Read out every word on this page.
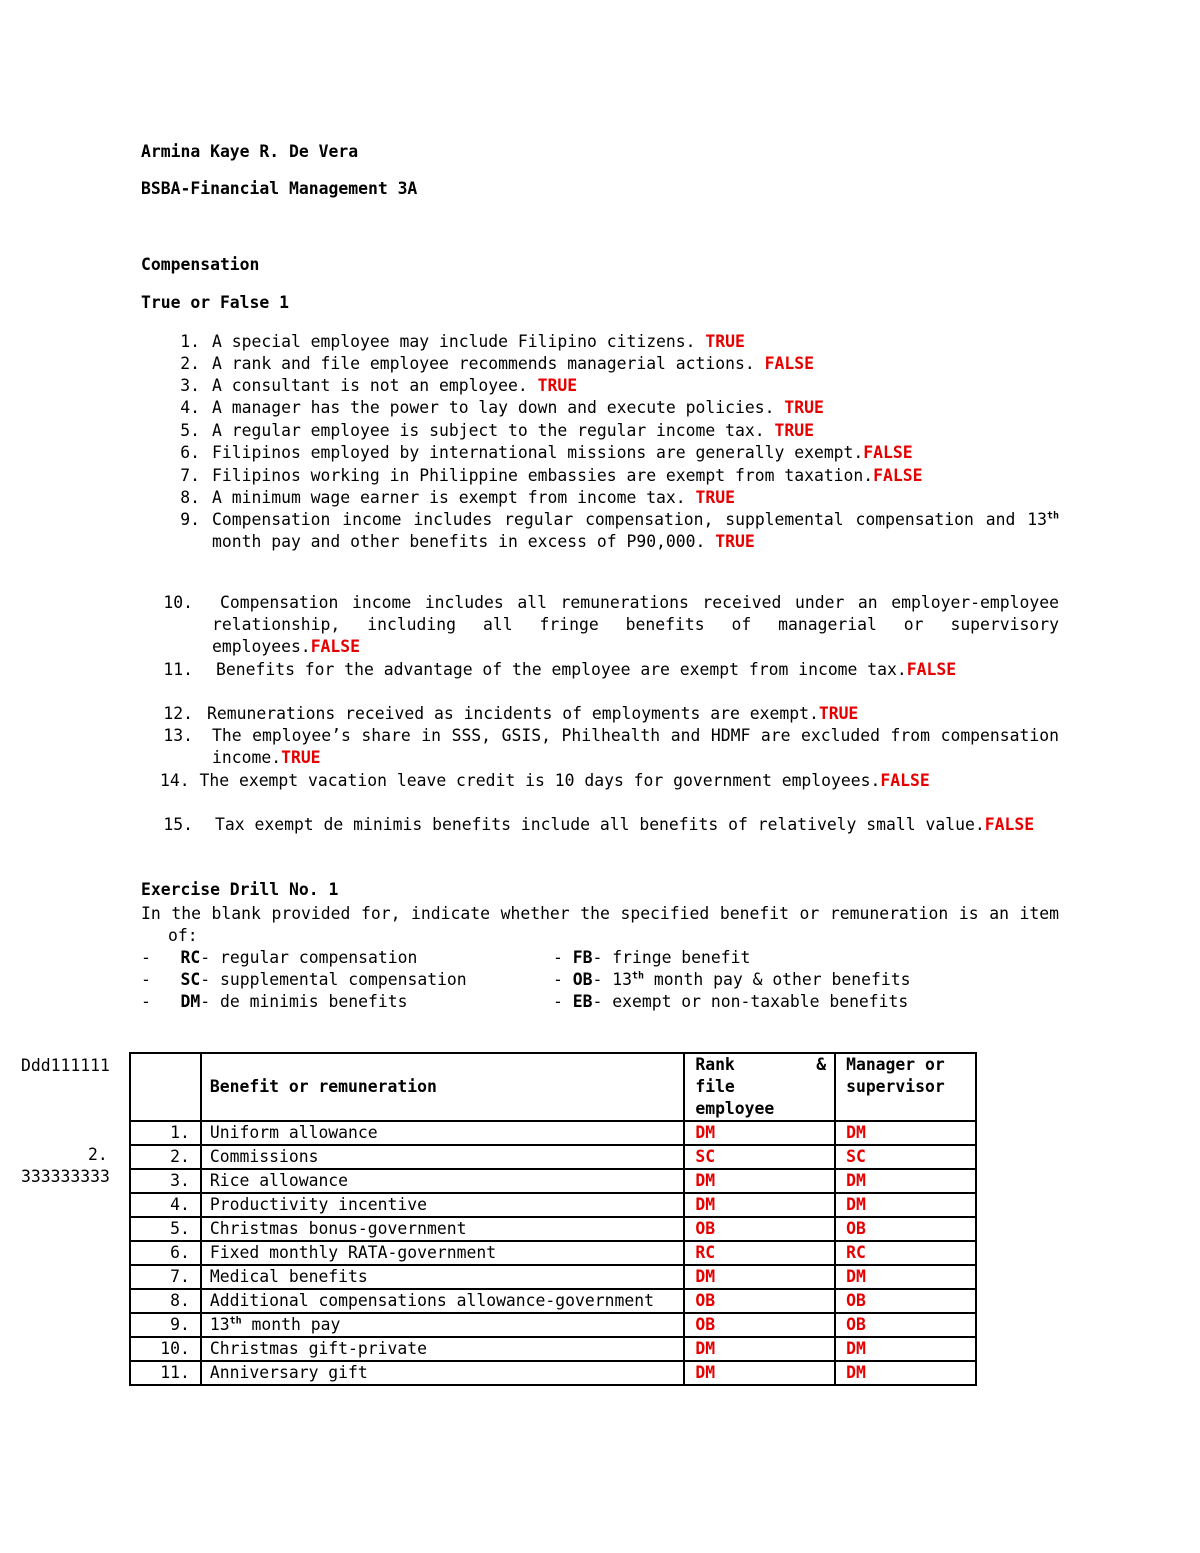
Armina Kaye R. De Vera
BSBA-Financial Management 3A
Compensation
True or False 1
1. A special employee may include Filipino citizens. TRUE
2. A rank and file employee recommends managerial actions. FALSE
3. A consultant is not an employee. TRUE
4. A manager has the power to lay down and execute policies. TRUE
5. A regular employee is subject to the regular income tax. TRUE
6. Filipinos employed by international missions are generally exempt.FALSE
7. Filipinos working in Philippine embassies are exempt from taxation.FALSE
8. A minimum wage earner is exempt from income tax. TRUE
9. Compensation income includes regular compensation, supplemental compensation and 13th month pay and other benefits in excess of P90,000. TRUE
10.	Compensation income includes all remunerations received under an employer-employee relationship, including all fringe benefits of managerial or supervisory employees.FALSE
11. Benefits for the advantage of the employee are exempt from income tax.FALSE
12. Remunerations received as incidents of employments are exempt.TRUE
13. The employee’s share in SSS, GSIS, Philhealth and HDMF are excluded from compensation income.TRUE
14. The exempt vacation leave credit is 10 days for government employees.FALSE
15.	Tax exempt de minimis benefits include all benefits of relatively small value.FALSE
Exercise Drill No. 1
In the blank provided for, indicate whether the specified benefit or remuneration is an item of:
- RC- regular compensation
- SC- supplemental compensation
- DM- de minimis benefits
- FB- fringe benefit
- OB- 13th month pay & other benefits
- EB- exempt or non-taxable benefits
Ddd111111
2.
333333333
	Benefit or remuneration	Rank &
file
employee	Manager or supervisor
1.	Uniform allowance	DM	DM
2.	Commissions	SC	SC
3.	Rice allowance	DM	DM
4.	Productivity incentive	DM	DM
5.	Christmas bonus-government	OB	OB
6.	Fixed monthly RATA-government	RC	RC
7.	Medical benefits	DM	DM
8.	Additional compensations allowance-government	OB	OB
9.	13th month pay	OB	OB
10.	Christmas gift-private	DM	DM
11.	Anniversary gift	DM	DM
